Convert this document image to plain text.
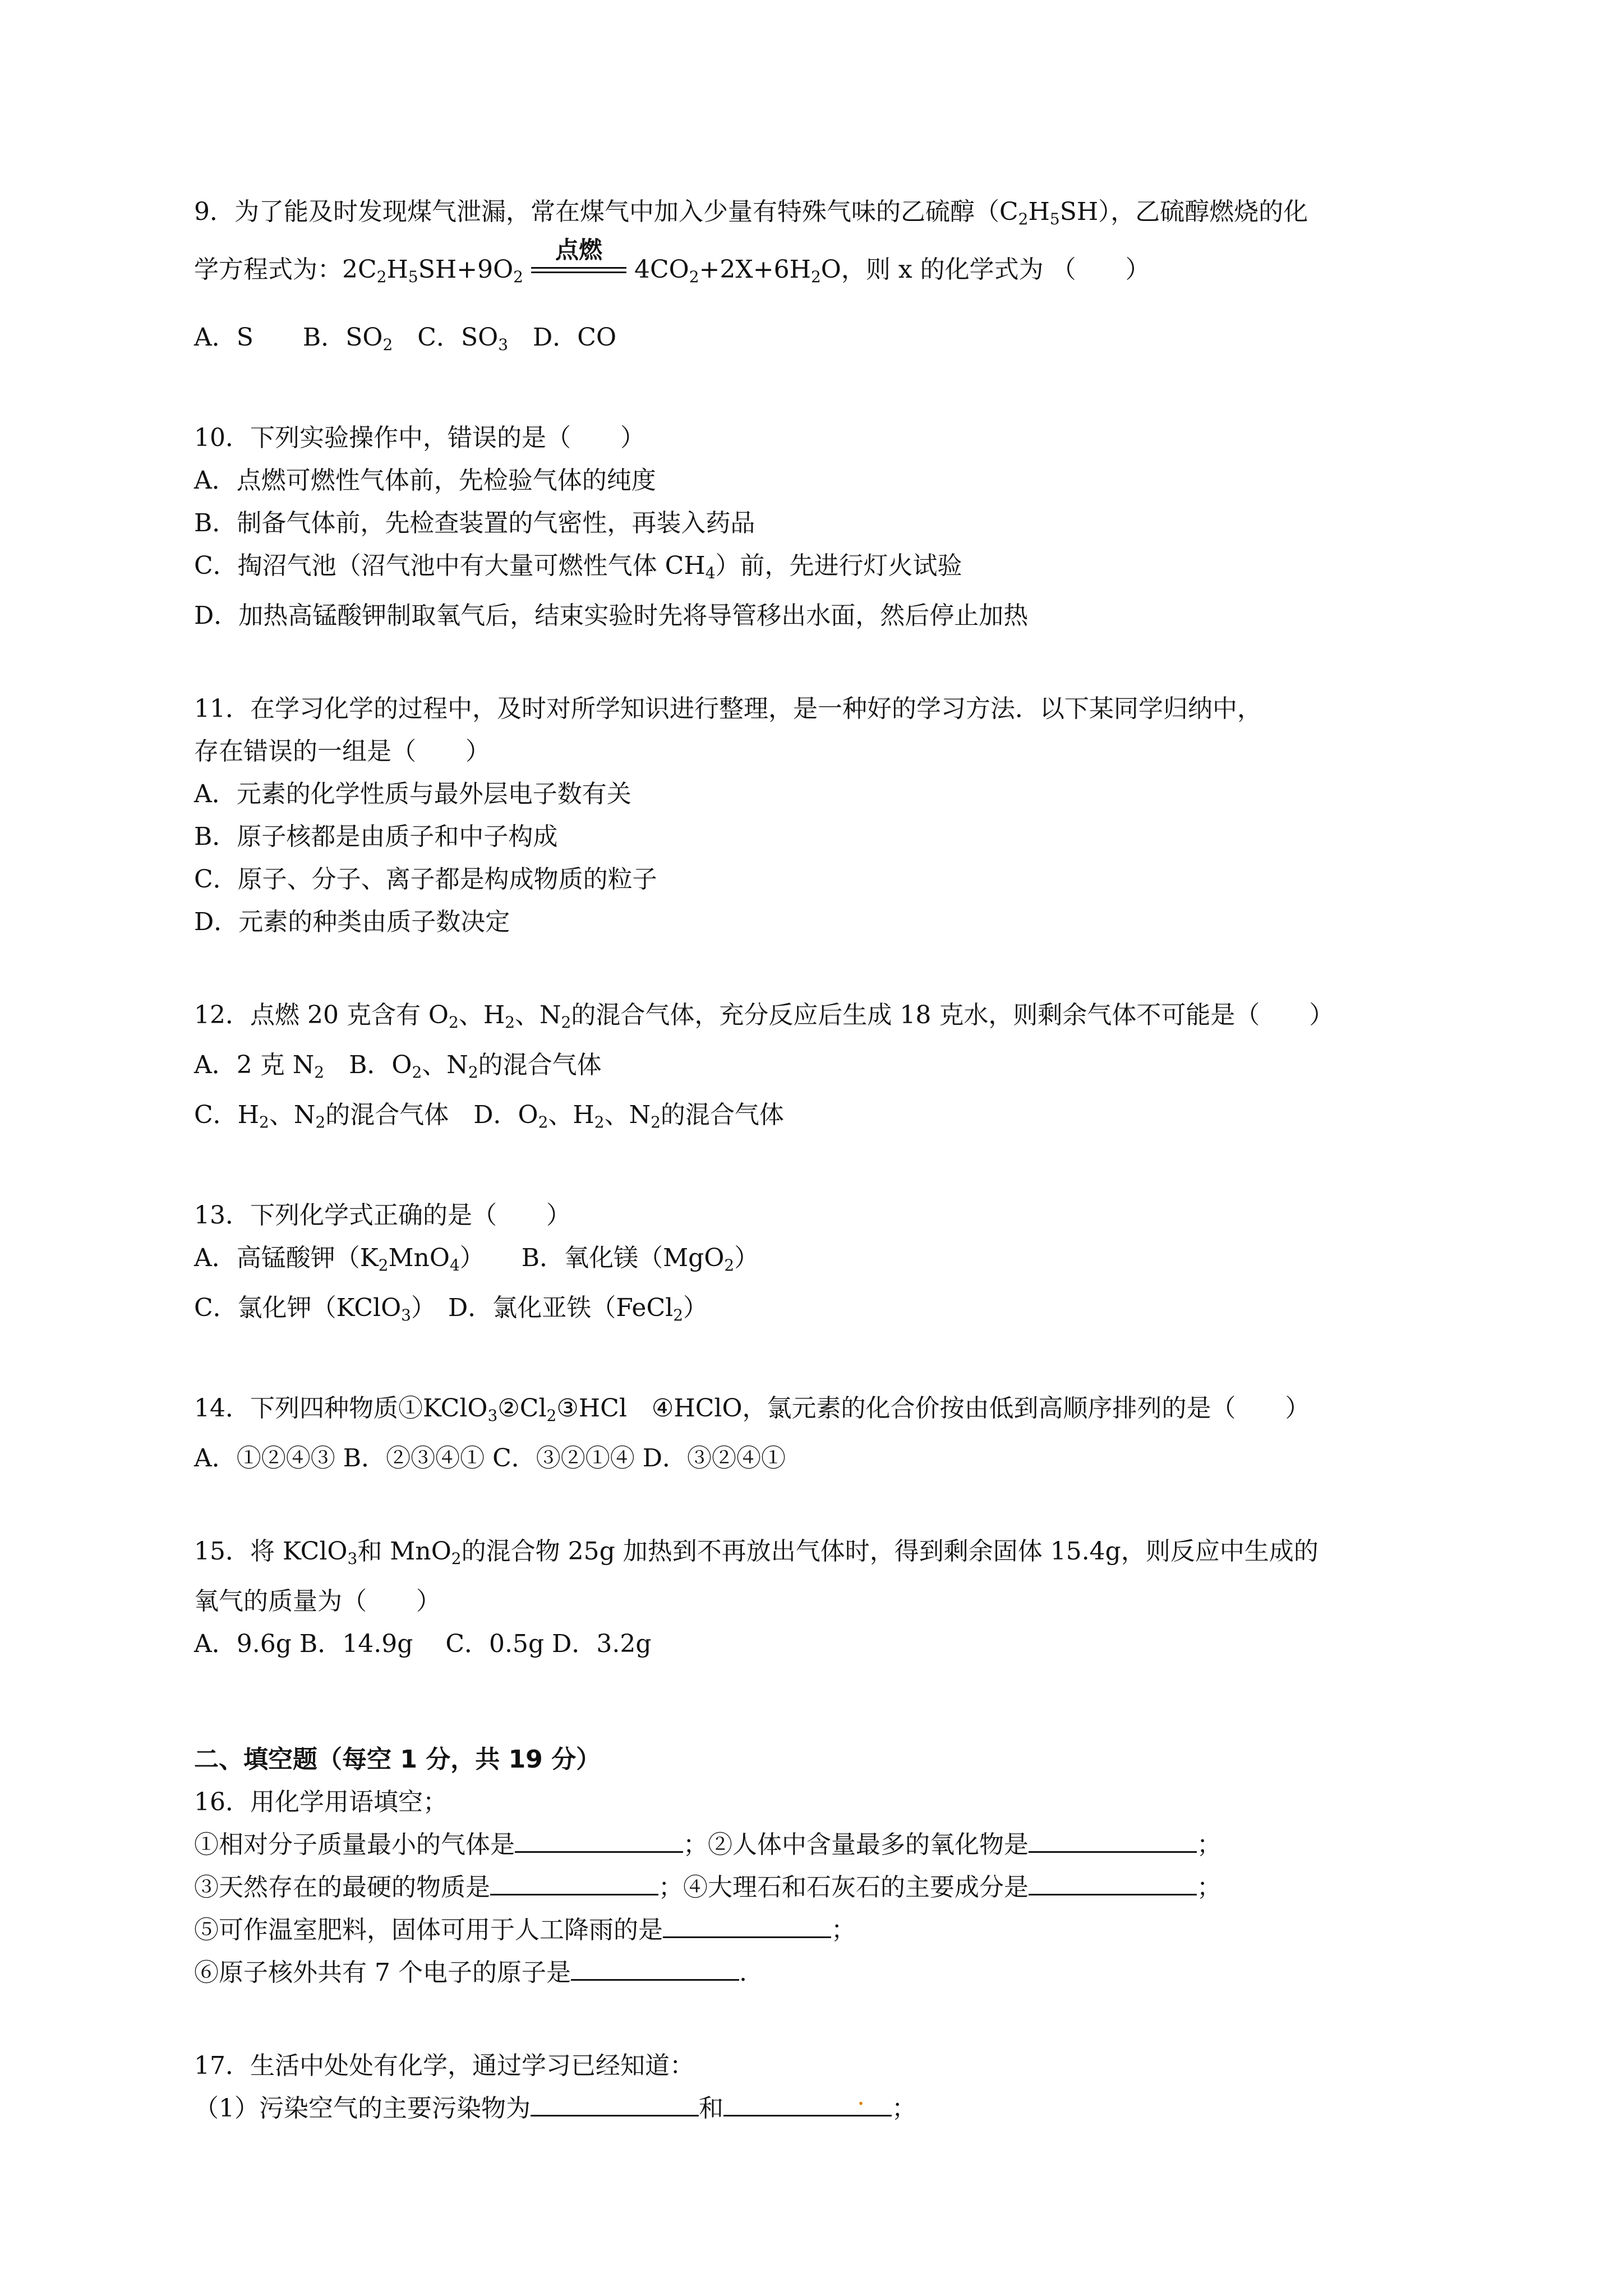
9．为了能及时发现煤气泄漏，常在煤气中加入少量有特殊气味的乙硫醇$(C_2H_5SH)$，乙硫醇燃烧的化
学方程式为：$2C_2H_5SH+9O_2$
点燃
$4CO_2+2X+6H_2O$，则 x 的化学式为 （　　）
A．S　　B．$SO_2$　C．$SO_3$　D．CO
10．下列实验操作中，错误的是（　　）
A．点燃可燃性气体前，先检验气体的纯度
B．制备气体前，先检查装置的气密性，再装入药品
C．掏沼气池（沼气池中有大量可燃性气体 $CH_4$）前，先进行灯火试验
D．加热高锰酸钾制取氧气后，结束实验时先将导管移出水面，然后停止加热
11．在学习化学的过程中，及时对所学知识进行整理，是一种好的学习方法．以下某同学归纳中，
存在错误的一组是（　　）
A．元素的化学性质与最外层电子数有关
B．原子核都是由质子和中子构成
C．原子、分子、离子都是构成物质的粒子
D．元素的种类由质子数决定
12．点燃 20 克含有 $O_2$、$H_2$、$N_2$的混合气体，充分反应后生成 18 克水，则剩余气体不可能是（　　）
A．2 克 $N_2$　B．$O_2$、$N_2$的混合气体
C．$H_2$、$N_2$的混合气体　D．$O_2$、$H_2$、$N_2$的混合气体
13．下列化学式正确的是（　　）
A．高锰酸钾$(K_2MnO_4)$　　B．氧化镁（MgO$_2$）
C．氯化钾（KClO$_3$）　D．氯化亚铁（FeCl$_2$）
14．下列四种物质$①KClO_3②Cl_2③HCl$　④HClO，氯元素的化合价按由低到高顺序排列的是（　　）
A．①②④③ B．②③④① C．③②①④ D．③②④①
15．将 KClO$_3$和 MnO$_2$的混合物 25g 加热到不再放出气体时，得到剩余固体 15.4g，则反应中生成的
氧气的质量为（　　）
A．9.6g B．14.9g　 C．0.5g D．3.2g
二、填空题（每空 1 分，共 19 分）
16．用化学用语填空；
①相对分子质量最小的气体是	；②人体中含量最多的氧化物是	；
③天然存在的最硬的物质是	；④大理石和石灰石的主要成分是	；
⑤可作温室肥料，固体可用于人工降雨的是	；
⑥原子核外共有 7 个电子的原子是	.
17．生活中处处有化学，通过学习已经知道：
（1）污染空气的主要污染物为	和.	；
